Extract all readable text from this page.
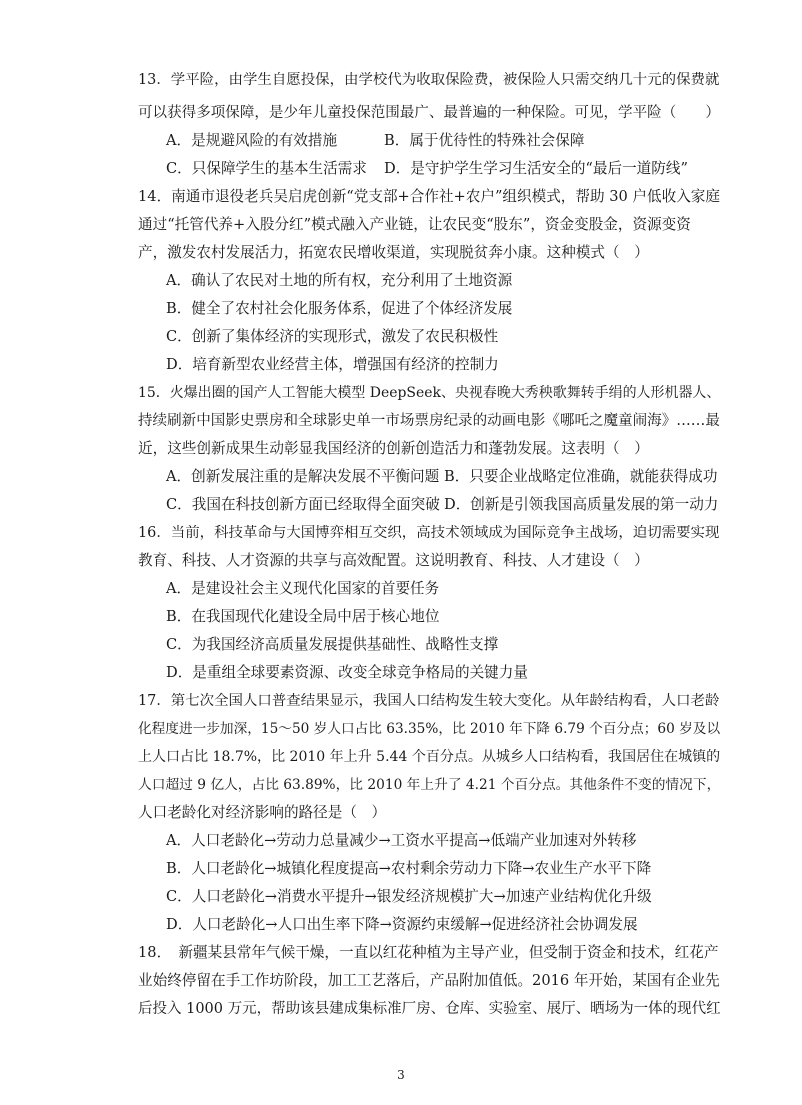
13．学平险，由学生自愿投保，由学校代为收取保险费，被保险人只需交纳几十元的保费就
可以获得多项保障，是少年儿童投保范围最广、最普遍的一种保险。可见，学平险（　　）
A．是规避风险的有效措施	B．属于优待性的特殊社会保障
C．只保障学生的基本生活需求 D．是守护学生学习生活安全的“最后一道防线”
14．南通市退役老兵吴启虎创新“党支部+合作社+农户”组织模式，帮助 30 户低收入家庭
通过“托管代养+入股分红”模式融入产业链，让农民变“股东”，资金变股金，资源变资
产，激发农村发展活力，拓宽农民增收渠道，实现脱贫奔小康。这种模式（　）
A．确认了农民对土地的所有权，充分利用了土地资源
B．健全了农村社会化服务体系，促进了个体经济发展
C．创新了集体经济的实现形式，激发了农民积极性
D．培育新型农业经营主体，增强国有经济的控制力
15．火爆出圈的国产人工智能大模型 DeepSeek、央视春晚大秀秧歌舞转手绢的人形机器人、
持续刷新中国影史票房和全球影史单一市场票房纪录的动画电影《哪吒之魔童闹海》……最
近，这些创新成果生动彰显我国经济的创新创造活力和蓬勃发展。这表明（　）
A．创新发展注重的是解决发展不平衡问题 B．只要企业战略定位准确，就能获得成功
C．我国在科技创新方面已经取得全面突破 D．创新是引领我国高质量发展的第一动力
16．当前，科技革命与大国博弈相互交织，高技术领域成为国际竞争主战场，迫切需要实现
教育、科技、人才资源的共享与高效配置。这说明教育、科技、人才建设（　）
A．是建设社会主义现代化国家的首要任务
B．在我国现代化建设全局中居于核心地位
C．为我国经济高质量发展提供基础性、战略性支撑
D．是重组全球要素资源、改变全球竞争格局的关键力量
17．第七次全国人口普查结果显示，我国人口结构发生较大变化。从年龄结构看，人口老龄
化程度进一步加深，15～50 岁人口占比 63.35%，比 2010 年下降 6.79 个百分点；60 岁及以
上人口占比 18.7%，比 2010 年上升 5.44 个百分点。从城乡人口结构看，我国居住在城镇的
人口超过 9 亿人，占比 63.89%，比 2010 年上升了 4.21 个百分点。其他条件不变的情况下，
人口老龄化对经济影响的路径是（　）
A．人口老龄化→劳动力总量减少→工资水平提高→低端产业加速对外转移
B．人口老龄化→城镇化程度提高→农村剩余劳动力下降→农业生产水平下降
C．人口老龄化→消费水平提升→银发经济规模扩大→加速产业结构优化升级
D．人口老龄化→人口出生率下降→资源约束缓解→促进经济社会协调发展
18．　新疆某县常年气候干燥，一直以红花种植为主导产业，但受制于资金和技术，红花产
业始终停留在手工作坊阶段，加工工艺落后，产品附加值低。2016 年开始，某国有企业先
后投入 1000 万元，帮助该县建成集标准厂房、仓库、实验室、展厅、晒场为一体的现代红
3
